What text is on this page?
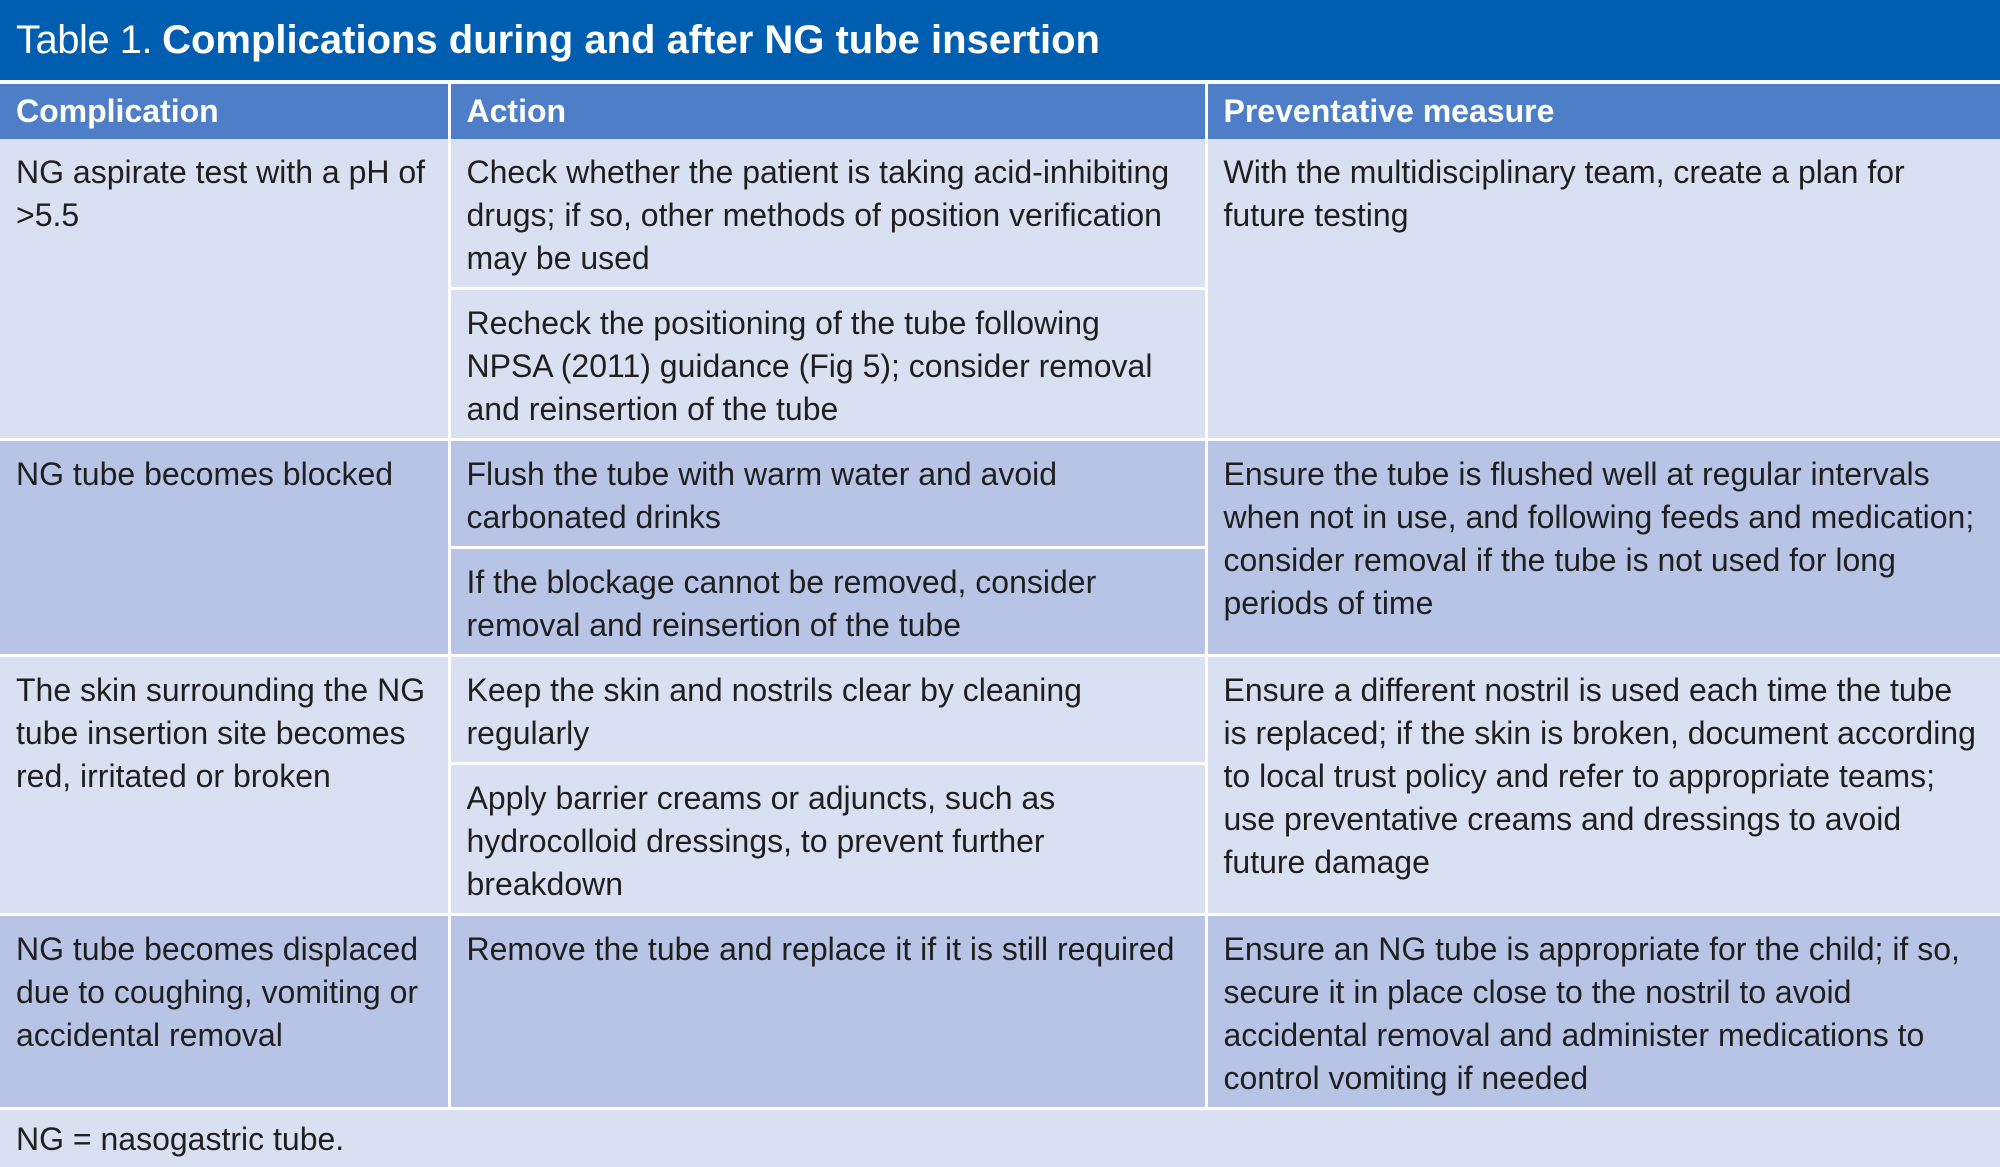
Table 1. Complications during and after NG tube insertion
Complication	Action	Preventative measure
NG aspirate test with a pH of >5.5	Check whether the patient is taking acid-inhibiting drugs; if so, other methods of position verification may be used	With the multidisciplinary team, create a plan for future testing
	Recheck the positioning of the tube following NPSA (2011) guidance (Fig 5); consider removal and reinsertion of the tube	
NG tube becomes blocked	Flush the tube with warm water and avoid carbonated drinks	Ensure the tube is flushed well at regular intervals when not in use, and following feeds and medication; consider removal if the tube is not used for long periods of time
	If the blockage cannot be removed, consider removal and reinsertion of the tube	
The skin surrounding the NG tube insertion site becomes red, irritated or broken	Keep the skin and nostrils clear by cleaning regularly	Ensure a different nostril is used each time the tube is replaced; if the skin is broken, document according to local trust policy and refer to appropriate teams; use preventative creams and dressings to avoid future damage
	Apply barrier creams or adjuncts, such as hydrocolloid dressings, to prevent further breakdown	
NG tube becomes displaced due to coughing, vomiting or accidental removal	Remove the tube and replace it if it is still required	Ensure an NG tube is appropriate for the child; if so, secure it in place close to the nostril to avoid accidental removal and administer medications to control vomiting if needed
NG = nasogastric tube.		
